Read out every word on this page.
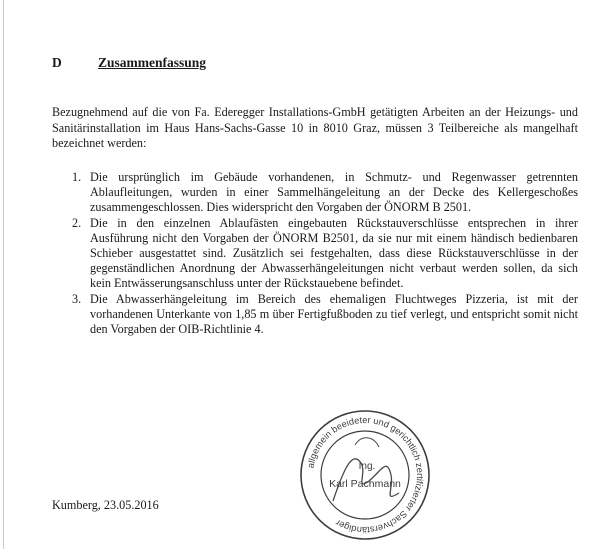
D	Zusammenfassung

Bezugnehmend auf die von Fa. Ederegger Installations-GmbH getätigten Arbeiten an der Heizungs- und Sanitärinstallation im Haus Hans-Sachs-Gasse 10 in 8010 Graz, müssen 3 Teilbereiche als mangelhaft bezeichnet werden:

1. Die ursprünglich im Gebäude vorhandenen, in Schmutz- und Regenwasser getrennten Ablaufleitungen, wurden in einer Sammelhängeleitung an der Decke des Kellergeschoßes zusammengeschlossen. Dies widerspricht den Vorgaben der ÖNORM B 2501.
2. Die in den einzelnen Ablaufästen eingebauten Rückstauverschlüsse entsprechen in ihrer Ausführung nicht den Vorgaben der ÖNORM B2501, da sie nur mit einem händisch bedienbaren Schieber ausgestattet sind. Zusätzlich sei festgehalten, dass diese Rückstauverschlüsse in der gegenständlichen Anordnung der Abwasserhängeleitungen nicht verbaut werden sollen, da sich kein Entwässerungsanschluss unter der Rückstauebene befindet.
3. Die Abwasserhängeleitung im Bereich des ehemaligen Fluchtweges Pizzeria, ist mit der vorhandenen Unterkante von 1,85 m über Fertigfußboden zu tief verlegt, und entspricht somit nicht den Vorgaben der OIB-Richtlinie 4.
Kumberg, 23.05.2016
allgemein beeideter und gerichtlich zertifizierter Sachverständiger
Ing.
Karl Pachmann
